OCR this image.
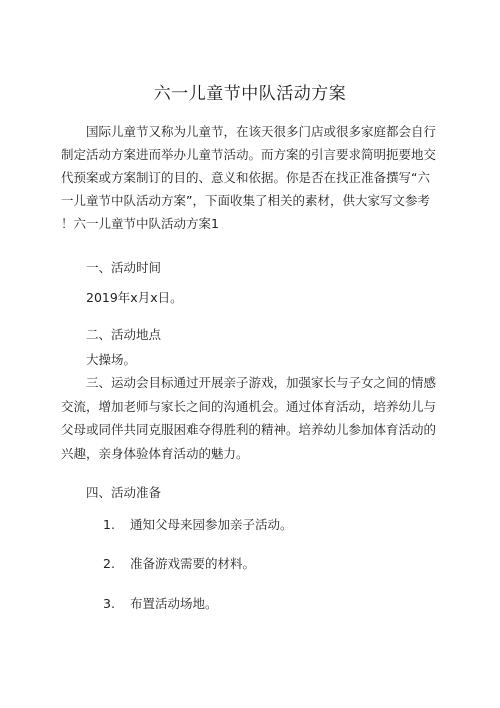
六一儿童节中队活动方案
国际儿童节又称为儿童节，在该天很多门店或很多家庭都会自行
制定活动方案进而举办儿童节活动。而方案的引言要求简明扼要地交
代预案或方案制订的目的、意义和依据。你是否在找正准备撰写“六
一儿童节中队活动方案”，下面收集了相关的素材，供大家写文参考
！六一儿童节中队活动方案1
一、活动时间
2019年x月x日。
二、活动地点
大操场。
三、运动会目标通过开展亲子游戏，加强家长与子女之间的情感
交流，增加老师与家长之间的沟通机会。通过体育活动，培养幼儿与
父母或同伴共同克服困难夺得胜利的精神。培养幼儿参加体育活动的
兴趣，亲身体验体育活动的魅力。
四、活动准备
1. 通知父母来园参加亲子活动。
2. 准备游戏需要的材料。
3. 布置活动场地。
